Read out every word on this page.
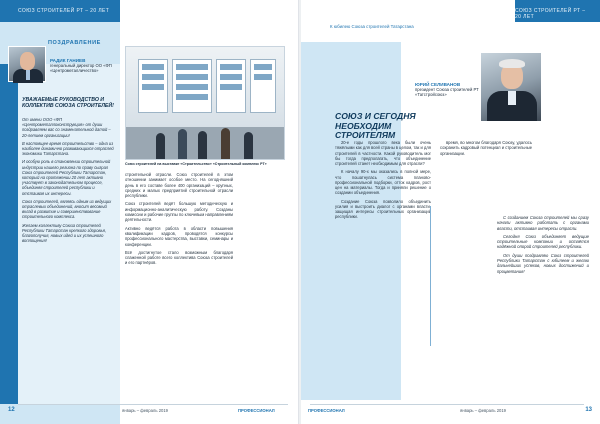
СОЮЗ СТРОИТЕЛЕЙ РТ – 20 ЛЕТ
ПОЗДРАВЛЕНИЕ
РАДИК ГАНИЕВ
генеральный директор ОО «ФП «Центрометалличество»
УВАЖАЕМЫЕ РУКОВОДСТВО И КОЛЛЕКТИВ СОЮЗА СТРОИТЕЛЕЙ!

От имени ООО «ФП «Центрометаллоконструкция» от души поздравляем вас со знаменательной датой – 20-летием организации!

В настоящее время строительство – одна из наиболее динамично развивающихся отраслей экономики Татарстана.

И особую роль в становлении строительной индустрии нашего региона по праву сыграл Союз строителей Республики Татарстан, который на протяжении 20 лет активно участвует в законодательном процессе, объединяя строителей республики и отстаивая их интересы.

Союз строителей, являясь одним из ведущих отраслевых объединений, вносит весомый вклад в развитие и совершенствование строительного комплекса.

Желаем коллективу Союза строителей Республики Татарстан крепкого здоровья, благополучия, новых идей и их успешного воплощения!

Союз строителей на выставке «Строительство» «Строительный комплекс РТ»

строительной отрасли. Союз строителей в этом отношении занимает особое место. На сегодняшний день в его составе более 400 организаций – крупных, средних и малых предприятий строительной отрасли республики.

Союз строителей ведёт большую методическую и информационно-аналитическую работу. Созданы комиссии и рабочие группы по ключевым направлениям деятельности.

Активно ведётся работа в области повышения квалификации кадров, проводятся конкурсы профессионального мастерства, выставки, семинары и конференции.

Всё достигнутое стало возможным благодаря слаженной работе всего коллектива Союза строителей и его партнёров.

12	январь – февраль 2019	ПРОФЕССИОНАЛ
СОЮЗ СТРОИТЕЛЕЙ РТ – 20 ЛЕТ
К юбилею Союза строителей Татарстана
ЮРИЙ СЕЛИВАНОВ
президент Союза строителей РТ «Татстройсоюз»
СОЮЗ И СЕГОДНЯ НЕОБХОДИМ СТРОИТЕЛЯМ

20-е годы прошлого века были очень тяжёлыми как для всей страны в целом, так и для строителей в частности. Какой руководитель мог бы тогда предполагать, что объединение строителей станет необходимым для отрасли?

К началу 90-х мы оказались в полной мере, что пошатнулась система планово-профессиональной подборки, отток кадров, рост цен на материалы. Тогда и приняли решение о создании объединения.

Создание Союза позволило объединить усилия и выстроить диалог с органами власти, защищая интересы строительных организаций республики.

время, во многом благодаря Союзу, удалось сохранить кадровый потенциал и строительные организации.

С созданием Союза строителей мы сразу начали активно работать с органами власти, отстаивая интересы отрасли.

Сегодня Союз объединяет ведущие строительные компании и остаётся надёжной опорой строителей республики.

От души поздравляю Союз строителей Республики Татарстан с юбилеем и желаю дальнейших успехов, новых достижений и процветания!

ПРОФЕССИОНАЛ	январь – февраль 2019	13
